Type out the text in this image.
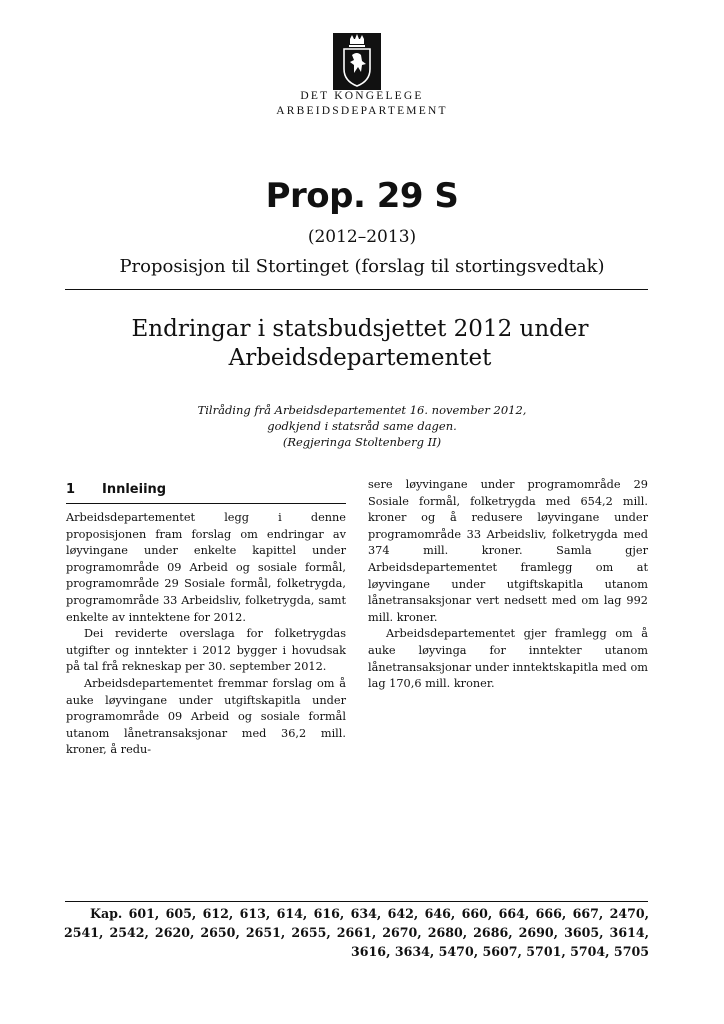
DET KONGELEGE
ARBEIDSDEPARTEMENT
Prop. 29 S
(2012–2013)
Proposisjon til Stortinget (forslag til stortingsvedtak)
Endringar i statsbudsjettet 2012 under Arbeidsdepartementet
Tilråding frå Arbeidsdepartementet 16. november 2012,
godkjend i statsråd same dagen.
(Regjeringa Stoltenberg II)
1 Innleiing

Arbeidsdepartementet legg i denne proposisjonen fram forslag om endringar av løyvingane under enkelte kapittel under programområde 09 Arbeid og sosiale formål, programområde 29 Sosiale formål, folketrygda, programområde 33 Arbeidsliv, folketrygda, samt enkelte av inntektene for 2012.

Dei reviderte overslaga for folketrygdas utgifter og inntekter i 2012 bygger i hovudsak på tal frå rekneskap per 30. september 2012.

Arbeidsdepartementet fremmar forslag om å auke løyvingane under utgiftskapitla under programområde 09 Arbeid og sosiale formål utanom lånetransaksjonar med 36,2 mill. kroner, å redu-

sere løyvingane under programområde 29 Sosiale formål, folketrygda med 654,2 mill. kroner og å redusere løyvingane under programområde 33 Arbeidsliv, folketrygda med 374 mill. kroner. Samla gjer Arbeidsdepartementet framlegg om at løyvingane under utgiftskapitla utanom lånetransaksjonar vert nedsett med om lag 992 mill. kroner.

Arbeidsdepartementet gjer framlegg om å auke løyvinga for inntekter utanom lånetransaksjonar under inntektskapitla med om lag 170,6 mill. kroner.

Kap. 601, 605, 612, 613, 614, 616, 634, 642, 646, 660, 664, 666, 667, 2470, 2541, 2542, 2620, 2650, 2651, 2655, 2661, 2670, 2680, 2686, 2690, 3605, 3614, 3616, 3634, 5470, 5607, 5701, 5704, 5705
